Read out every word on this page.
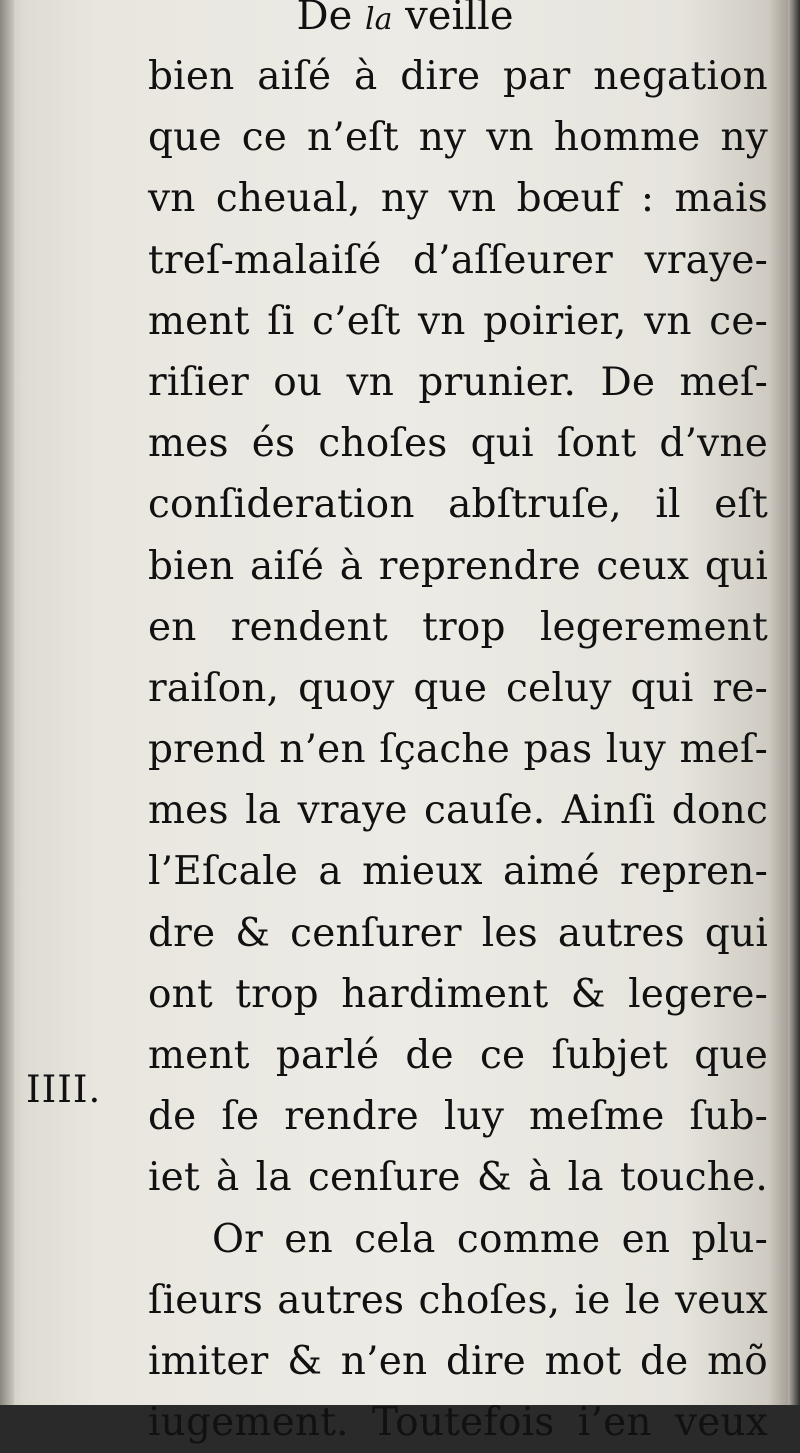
De la veille
IIII.
bien aiſé à dire par negation
que ce n’eſt ny vn homme ny
vn cheual, ny vn bœuf : mais
treſ-malaiſé d’aſſeurer vraye-
ment ſi c’eſt vn poirier, vn ce-
riſier ou vn prunier. De meſ-
mes és choſes qui ſont d’vne
conſideration abſtruſe, il eſt
bien aiſé à reprendre ceux qui
en rendent trop legerement
raiſon, quoy que celuy qui re-
prend n’en ſçache pas luy meſ-
mes la vraye cauſe. Ainſi donc
l’Eſcale a mieux aimé repren-
dre & cenſurer les autres qui
ont trop hardiment & legere-
ment parlé de ce ſubjet que
de ſe rendre luy meſme ſub-
iet à la cenſure & à la touche.
Or en cela comme en plu-
ſieurs autres choſes, ie le veux
imiter & n’en dire mot de mõ
iugement. Toutefois i’en veux
